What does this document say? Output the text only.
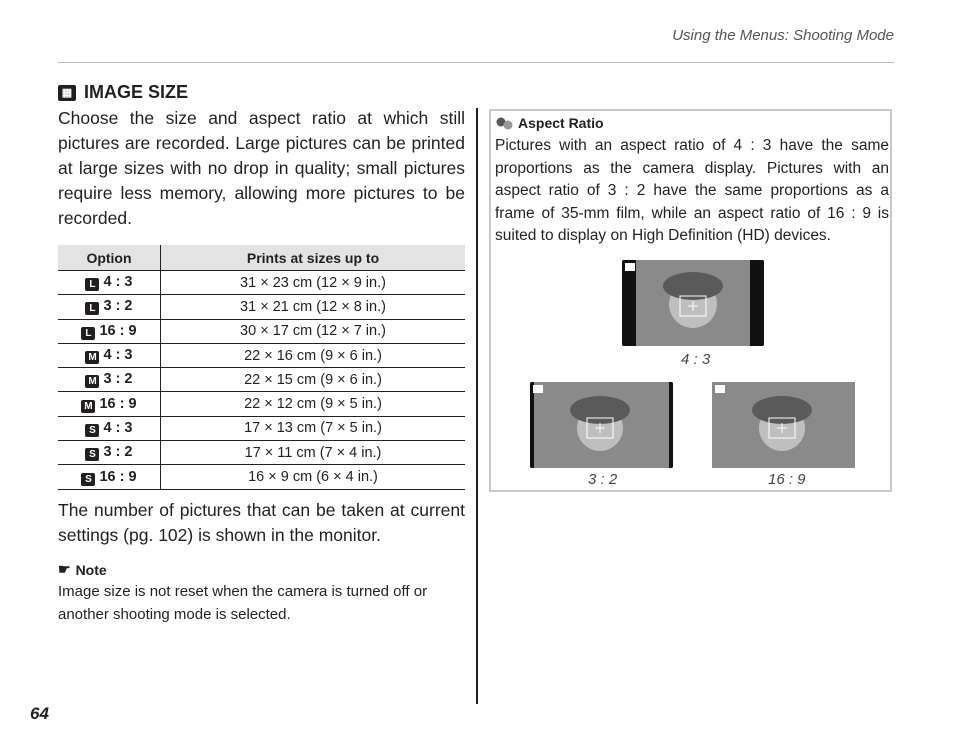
Using the Menus: Shooting Mode
▦ IMAGE SIZE
Choose the size and aspect ratio at which still pictures are recorded. Large pictures can be printed at large sizes with no drop in quality; small pictures require less memory, allowing more pictures to be recorded.
Option	Prints at sizes up to
L 4 : 3	31 × 23 cm (12 × 9 in.)
L 3 : 2	31 × 21 cm (12 × 8 in.)
L 16 : 9	30 × 17 cm (12 × 7 in.)
M 4 : 3	22 × 16 cm (9 × 6 in.)
M 3 : 2	22 × 15 cm (9 × 6 in.)
M 16 : 9	22 × 12 cm (9 × 5 in.)
S 4 : 3	17 × 13 cm (7 × 5 in.)
S 3 : 2	17 × 11 cm (7 × 4 in.)
S 16 : 9	16 × 9 cm (6 × 4 in.)
The number of pictures that can be taken at current settings (pg. 102) is shown in the monitor.
☛ Note
Image size is not reset when the camera is turned off or another shooting mode is selected.
Aspect Ratio
Pictures with an aspect ratio of 4 : 3 have the same proportions as the camera display. Pictures with an aspect ratio of 3 : 2 have the same proportions as a frame of 35-mm film, while an aspect ratio of 16 : 9 is suited to display on High Definition (HD) devices.
4 : 3
3 : 2	16 : 9
64
